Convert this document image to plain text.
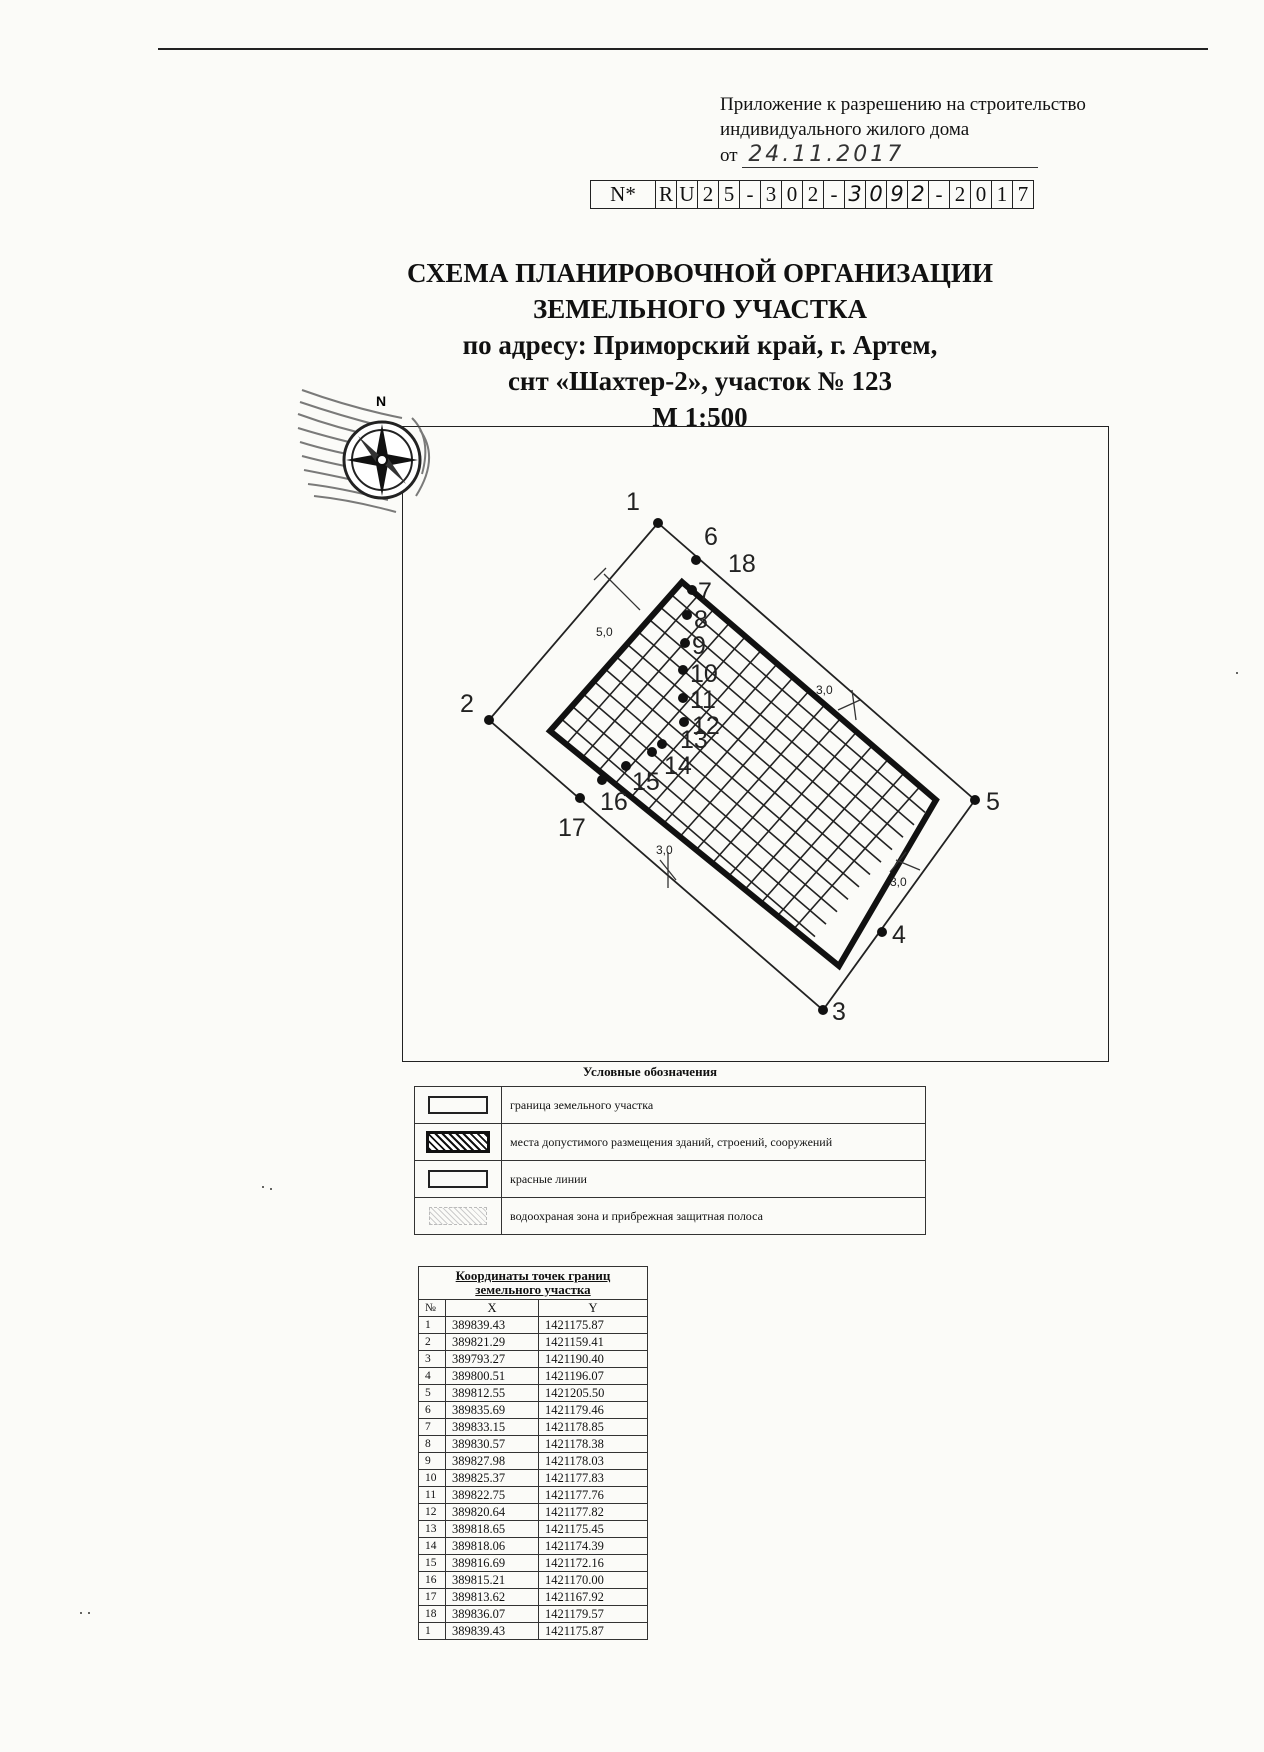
Приложение к разрешению на строительство
индивидуального жилого дома
от 24.11.2017
N*	R U 2 5 - 3 0 2 - 3 0 9 2 - 2 0 1 7
СХЕМА ПЛАНИРОВОЧНОЙ ОРГАНИЗАЦИИ
ЗЕМЕЛЬНОГО УЧАСТКА
по адресу: Приморский край, г. Артем,
снт «Шахтер-2», участок № 123
М 1:500
N
5,0
3,0
3,0
3,0
1
2
3
4
5
6
7
8
9
10
11
12
13
14
15
16
17
18
Условные обозначения
	граница земельного участка
	места допустимого размещения зданий, строений, сооружений
	красные линии
	водоохраная зона и прибрежная защитная полоса
Координаты точек границ
земельного участка		

№	X	Y
1	389839.43	1421175.87
2	389821.29	1421159.41
3	389793.27	1421190.40
4	389800.51	1421196.07
5	389812.55	1421205.50
6	389835.69	1421179.46
7	389833.15	1421178.85
8	389830.57	1421178.38
9	389827.98	1421178.03
10	389825.37	1421177.83
11	389822.75	1421177.76
12	389820.64	1421177.82
13	389818.65	1421175.45
14	389818.06	1421174.39
15	389816.69	1421172.16
16	389815.21	1421170.00
17	389813.62	1421167.92
18	389836.07	1421179.57
1	389839.43	1421175.87
